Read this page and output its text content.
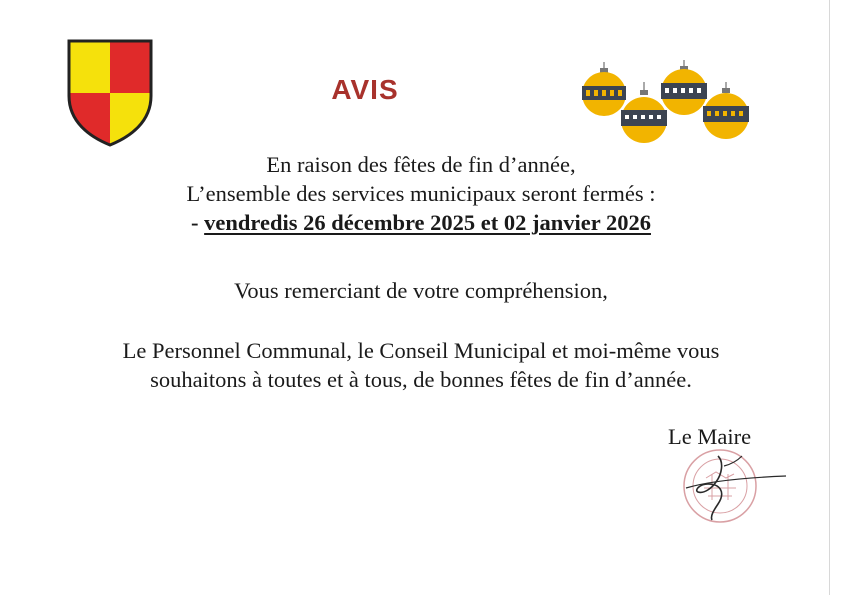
AVIS
En raison des fêtes de fin d’année,
L’ensemble des services municipaux seront fermés :
- vendredis 26 décembre 2025 et 02 janvier 2026
Vous remerciant de votre compréhension,
Le Personnel Communal, le Conseil Municipal et moi-même vous
souhaitons à toutes et à tous, de bonnes fêtes de fin d’année.
Le Maire
